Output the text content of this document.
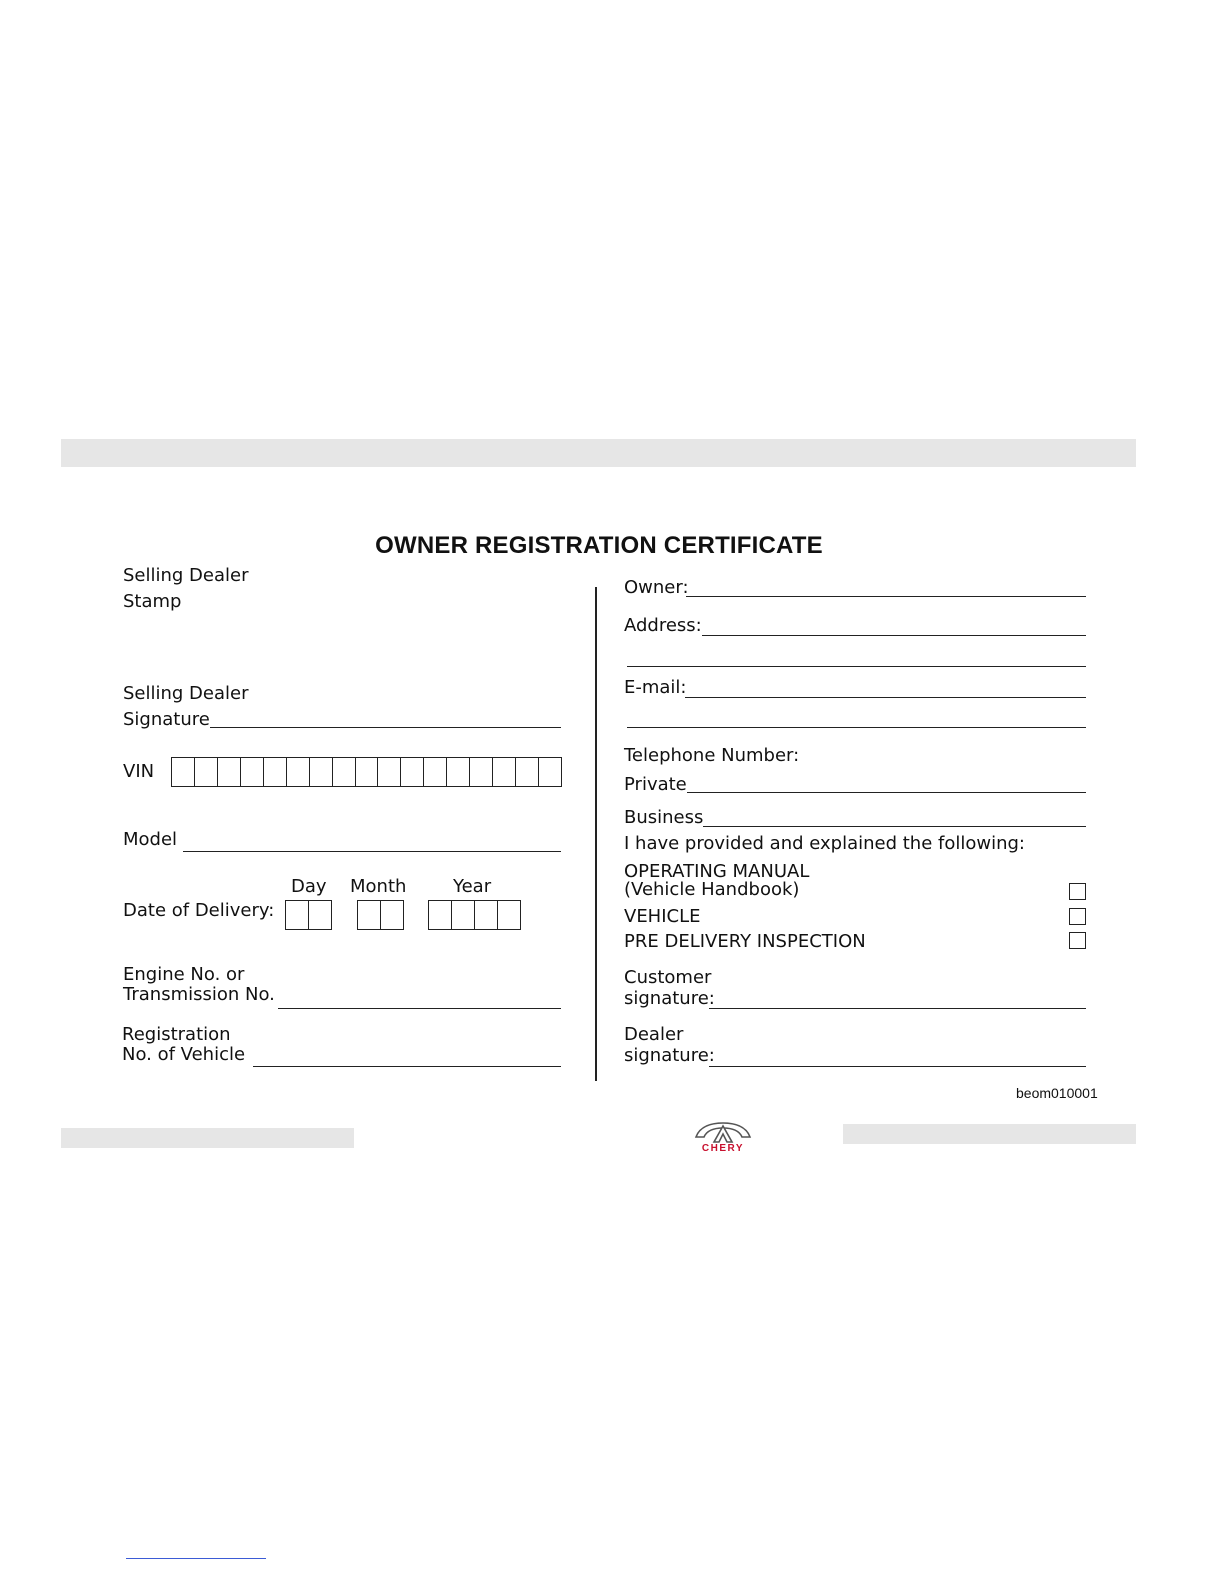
OWNER REGISTRATION CERTIFICATE
Selling Dealer
Stamp
Selling Dealer
Signature
VIN
Model
Day Month	Year
Date of Delivery:
Engine No. or
Transmission No.
Registration
No. of Vehicle
Owner:
Address:
E-mail:
Telephone Number:
Private
Business
I have provided and explained the following:
OPERATING MANUAL
(Vehicle Handbook)
VEHICLE
PRE DELIVERY INSPECTION
Customer
signature:
Dealer
signature:
beom010001
CHERY
